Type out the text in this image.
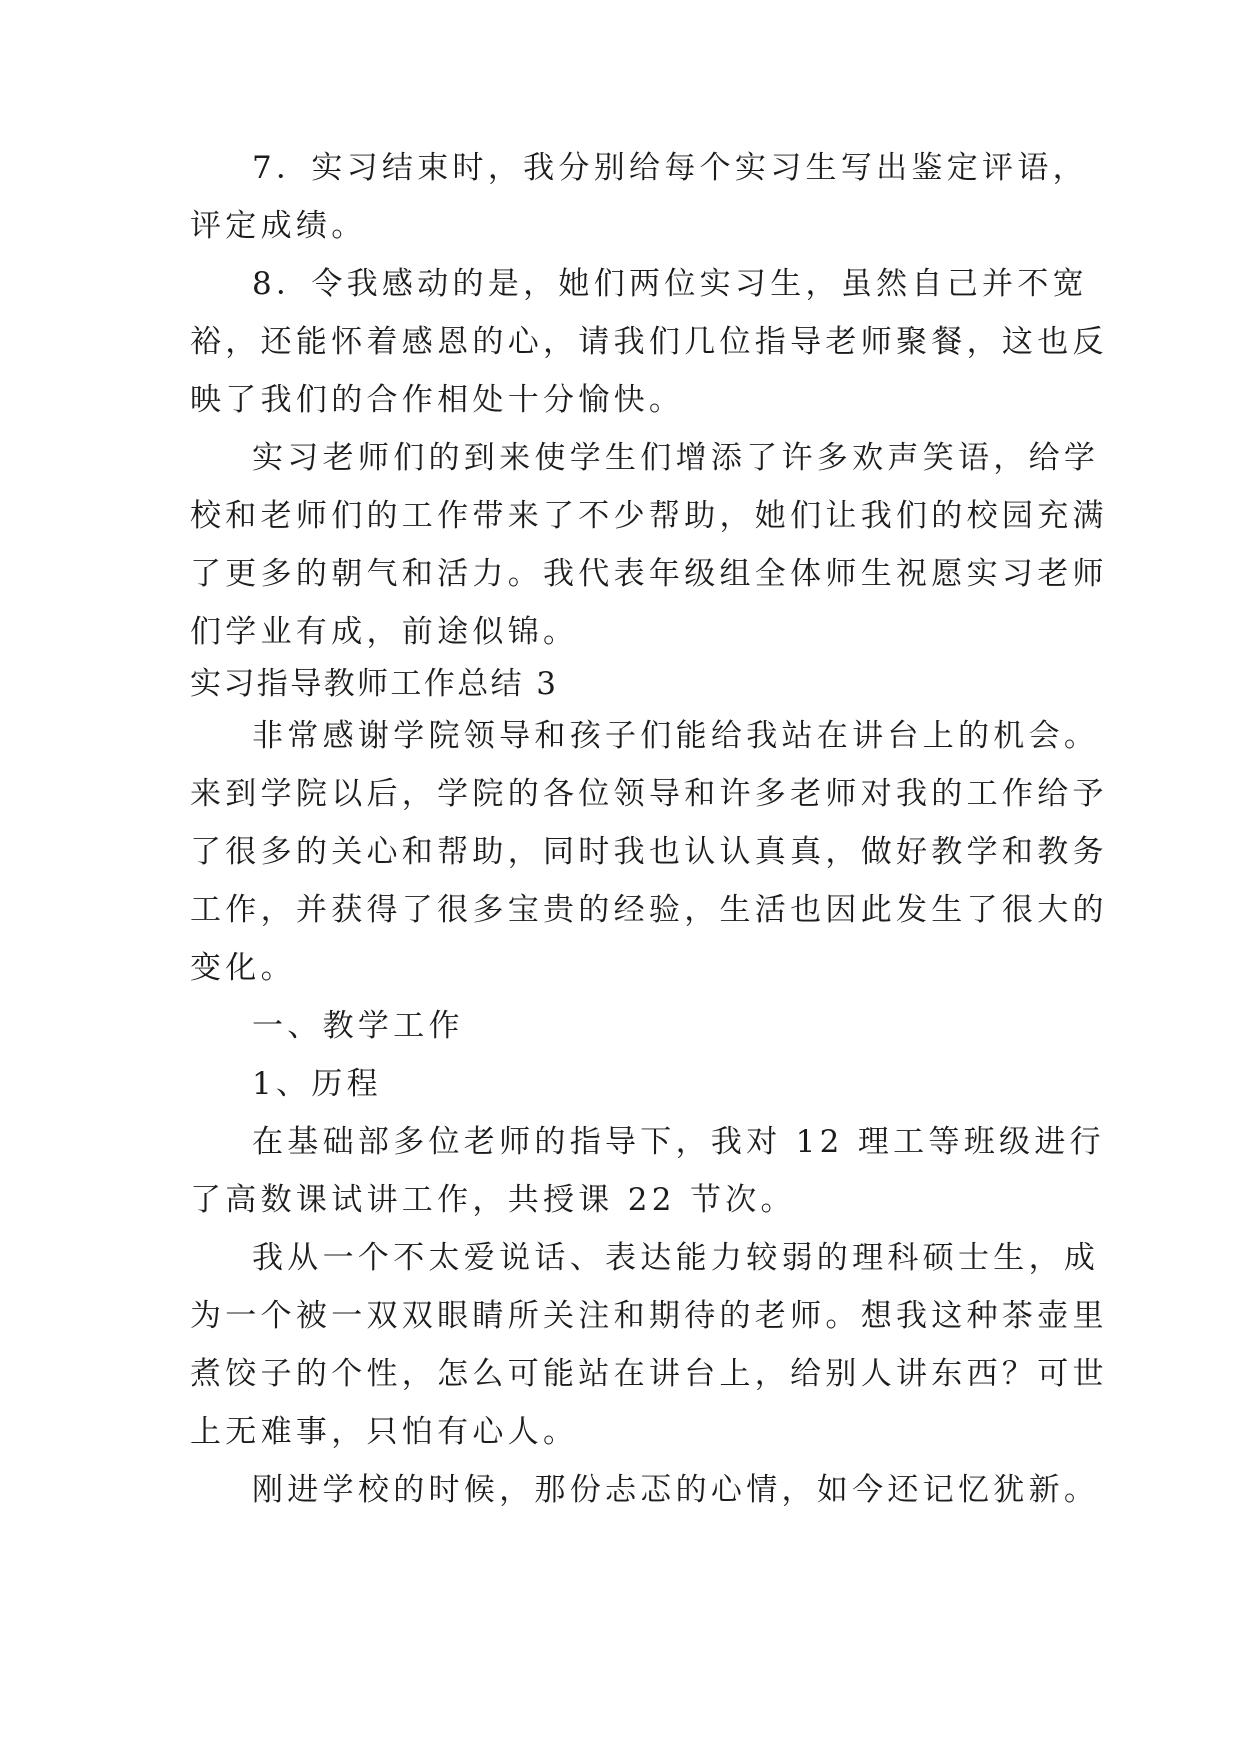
7．实习结束时，我分别给每个实习生写出鉴定评语，
评定成绩。
8．令我感动的是，她们两位实习生，虽然自己并不宽
裕，还能怀着感恩的心，请我们几位指导老师聚餐，这也反
映了我们的合作相处十分愉快。
实习老师们的到来使学生们增添了许多欢声笑语，给学
校和老师们的工作带来了不少帮助，她们让我们的校园充满
了更多的朝气和活力。我代表年级组全体师生祝愿实习老师
们学业有成，前途似锦。
实习指导教师工作总结 3
非常感谢学院领导和孩子们能给我站在讲台上的机会。
来到学院以后，学院的各位领导和许多老师对我的工作给予
了很多的关心和帮助，同时我也认认真真，做好教学和教务
工作，并获得了很多宝贵的经验，生活也因此发生了很大的
变化。
一、教学工作
1、历程
在基础部多位老师的指导下，我对 12 理工等班级进行
了高数课试讲工作，共授课 22 节次。
我从一个不太爱说话、表达能力较弱的理科硕士生，成
为一个被一双双眼睛所关注和期待的老师。想我这种茶壶里
煮饺子的个性，怎么可能站在讲台上，给别人讲东西？可世
上无难事，只怕有心人。
刚进学校的时候，那份忐忑的心情，如今还记忆犹新。
